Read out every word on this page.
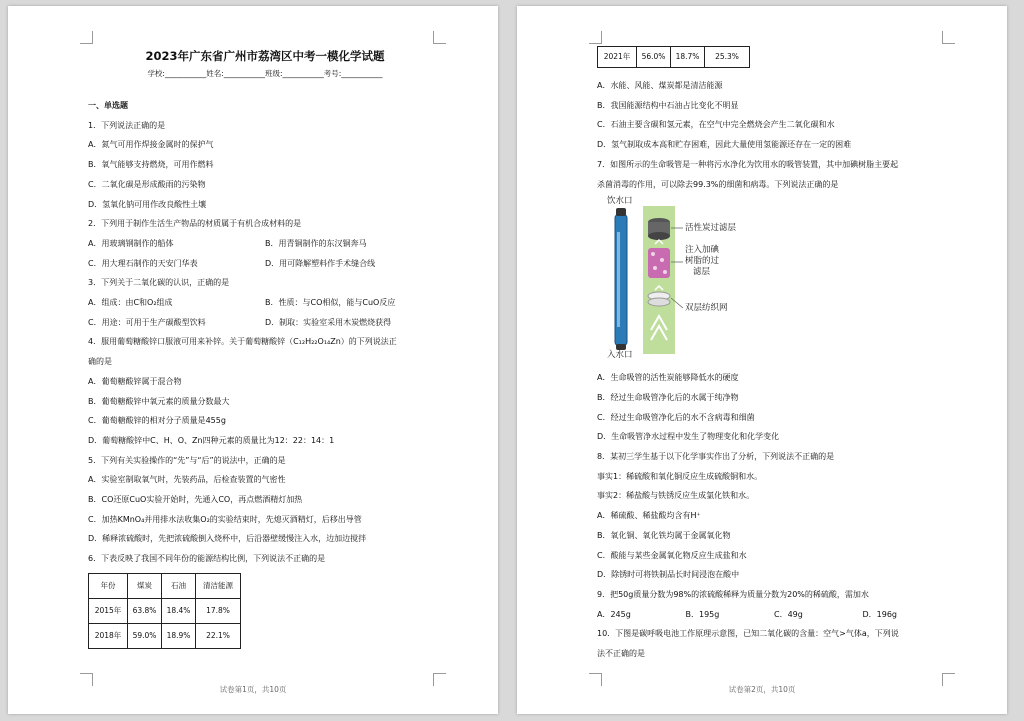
2023年广东省广州市荔湾区中考一模化学试题
学校:___________姓名:___________班级:___________考号:___________
一、单选题
1．下列说法正确的是
A．氮气可用作焊接金属时的保护气
B．氧气能够支持燃烧，可用作燃料
C．二氧化碳是形成酸雨的污染物
D．氢氧化钠可用作改良酸性土壤
2．下列用于制作生活生产物品的材质属于有机合成材料的是
A．用玻璃钢制作的船体	B．用青铜制作的东汉铜奔马
C．用大理石制作的天安门华表	D．用可降解塑料作手术缝合线
3．下列关于二氧化碳的认识，正确的是
A．组成：由C和O₂组成	B．性质：与CO相似，能与CuO反应
C．用途：可用于生产碳酸型饮料	D．制取：实验室采用木炭燃烧获得
4．服用葡萄糖酸锌口服液可用来补锌。关于葡萄糖酸锌（C₁₂H₂₂O₁₄Zn）的下列说法正
确的是
A．葡萄糖酸锌属于混合物
B．葡萄糖酸锌中氧元素的质量分数最大
C．葡萄糖酸锌的相对分子质量是455g
D．葡萄糖酸锌中C、H、O、Zn四种元素的质量比为12：22：14：1
5．下列有关实验操作的“先”与“后”的说法中，正确的是
A．实验室制取氧气时，先装药品，后检查装置的气密性
B．CO还原CuO实验开始时，先通入CO，再点燃酒精灯加热
C．加热KMnO₄并用排水法收集O₂的实验结束时，先熄灭酒精灯，后移出导管
D．稀释浓硫酸时，先把浓硫酸倒入烧杯中，后沿器壁缓慢注入水，边加边搅拌
6．下表反映了我国不同年份的能源结构比例，下列说法不正确的是
年份	煤炭	石油	清洁能源
2015年	63.8%	18.4%	17.8%
2018年	59.0%	18.9%	22.1%
试卷第1页，共10页
2021年	56.0%	18.7%	25.3%
A．水能、风能、煤炭都是清洁能源
B．我国能源结构中石油占比变化不明显
C．石油主要含碳和氢元素，在空气中完全燃烧会产生二氧化碳和水
D．氢气制取成本高和贮存困难，因此大量使用氢能源还存在一定的困难
7．如图所示的生命吸管是一种将污水净化为饮用水的吸管装置，其中加碘树脂主要起
杀菌消毒的作用，可以除去99.3%的细菌和病毒。下列说法正确的是
饮水口
入水口
活性炭过滤层
注入加碘
树脂的过
滤层
双层纺织网
A．生命吸管的活性炭能够降低水的硬度
B．经过生命吸管净化后的水属于纯净物
C．经过生命吸管净化后的水不含病毒和细菌
D．生命吸管净水过程中发生了物理变化和化学变化
8．某初三学生基于以下化学事实作出了分析，下列说法不正确的是
事实1：稀硫酸和氧化铜反应生成硫酸铜和水。
事实2：稀盐酸与铁锈反应生成氯化铁和水。
A．稀硫酸、稀盐酸均含有H⁺
B．氧化铜、氧化铁均属于金属氧化物
C．酸能与某些金属氧化物反应生成盐和水
D．除锈时可将铁制品长时间浸泡在酸中
9．把50g质量分数为98%的浓硫酸稀释为质量分数为20%的稀硫酸，需加水
A．245g	B．195g	C．49g	D．196g
10．下图是碳呼吸电池工作原理示意图，已知二氧化碳的含量：空气>气体a，下列说
法不正确的是
试卷第2页，共10页
